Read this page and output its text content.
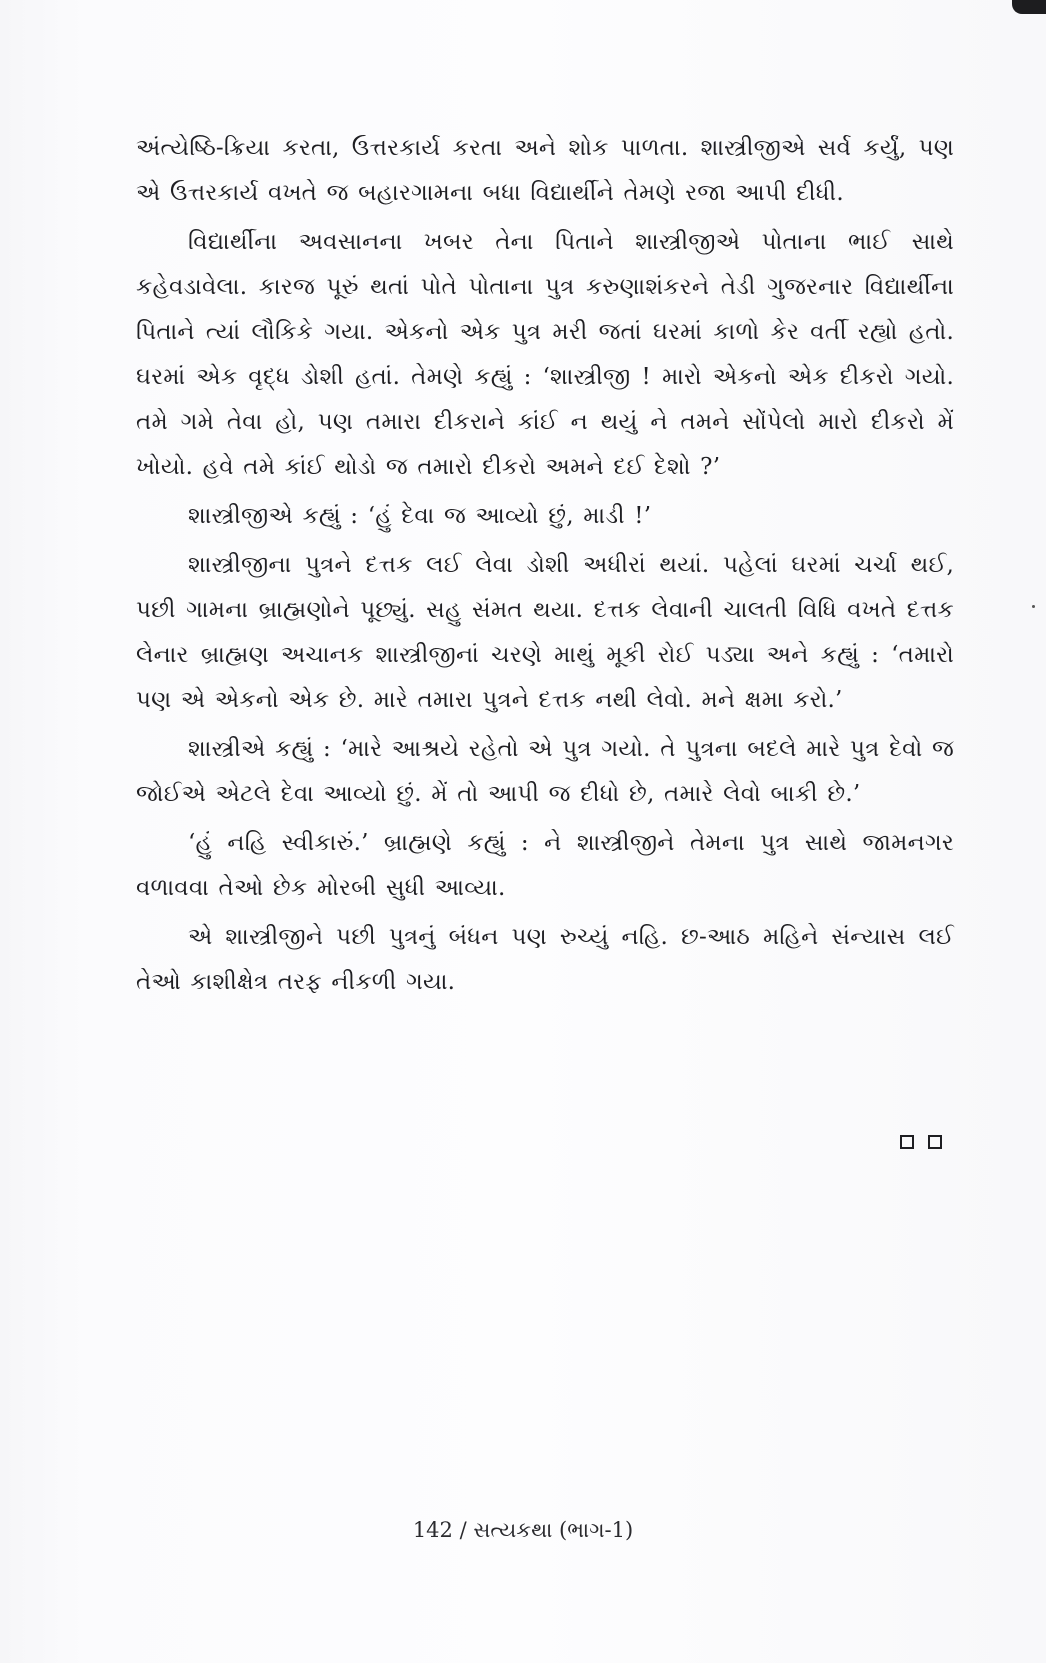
અંત્યેષ્ઠિ-ક્રિયા કરતા, ઉત્તરકાર્ય કરતા અને શોક પાળતા. શાસ્ત્રીજીએ સર્વ કર્યું, પણ એ ઉત્તરકાર્ય વખતે જ બહારગામના બધા વિદ્યાર્થીને તેમણે રજા આપી દીધી.

વિદ્યાર્થીના અવસાનના ખબર તેના પિતાને શાસ્ત્રીજીએ પોતાના ભાઈ સાથે કહેવડાવેલા. કારજ પૂરું થતાં પોતે પોતાના પુત્ર કરુણાશંકરને તેડી ગુજરનાર વિદ્યાર્થીના પિતાને ત્યાં લૌકિકે ગયા. એકનો એક પુત્ર મરી જતાં ઘરમાં કાળો કેર વર્તી રહ્યો હતો. ઘરમાં એક વૃદ્ધ ડોશી હતાં. તેમણે કહ્યું : ‘શાસ્ત્રીજી ! મારો એકનો એક દીકરો ગયો. તમે ગમે તેવા હો, પણ તમારા દીકરાને કાંઈ ન થયું ને તમને સોંપેલો મારો દીકરો મેં ખોયો. હવે તમે કાંઈ થોડો જ તમારો દીકરો અમને દઈ દેશો ?’

શાસ્ત્રીજીએ કહ્યું : ‘હું દેવા જ આવ્યો છું, માડી !’

શાસ્ત્રીજીના પુત્રને દત્તક લઈ લેવા ડોશી અધીરાં થયાં. પહેલાં ઘરમાં ચર્ચા થઈ, પછી ગામના બ્રાહ્મણોને પૂછ્યું. સહુ સંમત થયા. દત્તક લેવાની ચાલતી વિધિ વખતે દત્તક લેનાર બ્રાહ્મણ અચાનક શાસ્ત્રીજીનાં ચરણે માથું મૂકી રોઈ પડ્યા અને કહ્યું : ‘તમારો પણ એ એકનો એક છે. મારે તમારા પુત્રને દત્તક નથી લેવો. મને ક્ષમા કરો.’

શાસ્ત્રીએ કહ્યું : ‘મારે આશ્રયે રહેતો એ પુત્ર ગયો. તે પુત્રના બદલે મારે પુત્ર દેવો જ જોઈએ એટલે દેવા આવ્યો છું. મેં તો આપી જ દીધો છે, તમારે લેવો બાકી છે.’

‘હું નહિ સ્વીકારું.’ બ્રાહ્મણે કહ્યું : ને શાસ્ત્રીજીને તેમના પુત્ર સાથે જામનગર વળાવવા તેઓ છેક મોરબી સુધી આવ્યા.

એ શાસ્ત્રીજીને પછી પુત્રનું બંધન પણ રુચ્યું નહિ. છ-આઠ મહિને સંન્યાસ લઈ તેઓ કાશીક્ષેત્ર તરફ નીકળી ગયા.

142 / સત્યકથા (ભાગ-1)
